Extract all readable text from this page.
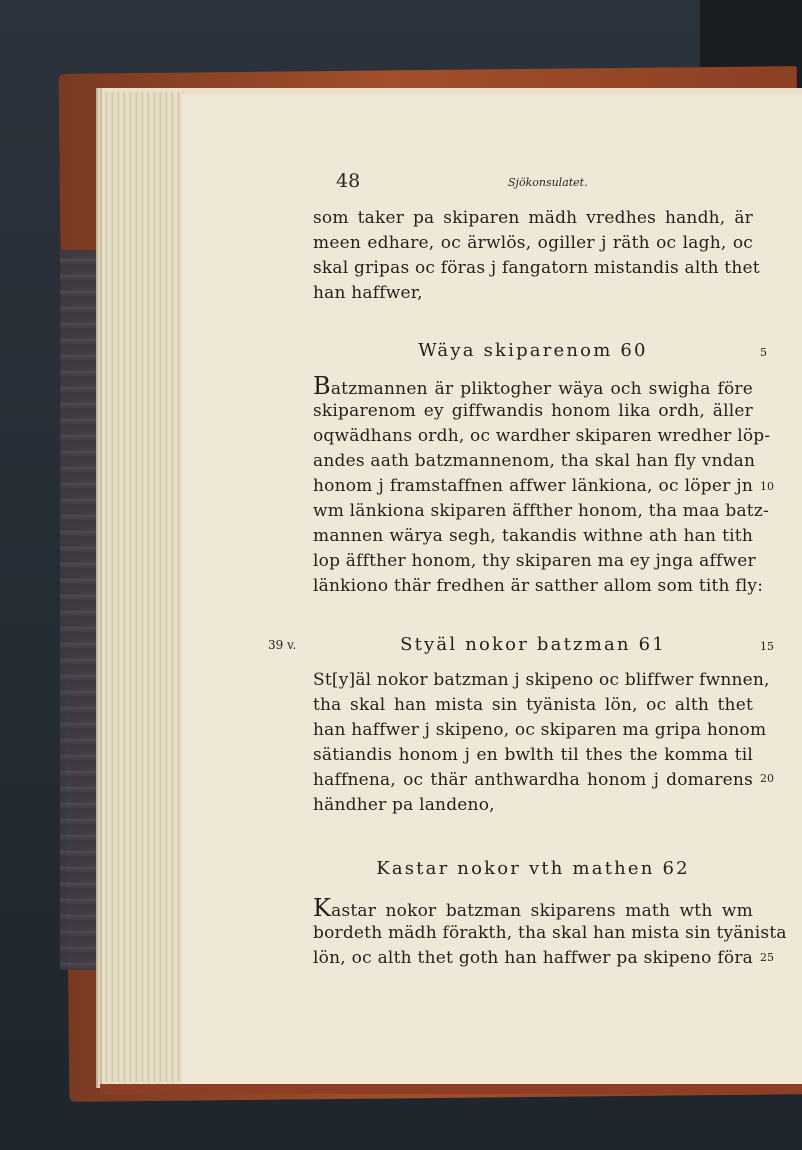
48	Sjökonsulatet.
som taker pa skiparen mädh vredhes handh, är
meen edhare, oc ärwlös, ogiller j räth oc lagh, oc
skal gripas oc föras j fangatorn mistandis alth thet
han haffwer,
Wäya skiparenom 60	5
Batzmannen är pliktogher wäya och swigha före
skiparenom ey giffwandis honom lika ordh, äller
oqwädhans ordh, oc wardher skiparen wredher löp-
andes aath batzmannenom, tha skal han fly vndan
honom j framstaffnen affwer länkiona, oc löper jn
wm länkiona skiparen äffther honom, tha maa batz-
mannen wärya segh, takandis withne ath han tith
lop äffther honom, thy skiparen ma ey jnga affwer
länkiono thär fredhen är satther allom som tith fly:
10
39 v.	Styäl nokor batzman 61	15
St[y]äl nokor batzman j skipeno oc bliffwer fwnnen,
tha skal han mista sin tyänista lön, oc alth thet
han haffwer j skipeno, oc skiparen ma gripa honom
sätiandis honom j en bwlth til thes the komma til
haffnena, oc thär anthwardha honom j domarens
händher pa landeno,
20
Kastar nokor vth mathen 62
Kastar nokor batzman skiparens math wth wm
bordeth mädh förakth, tha skal han mista sin tyänista
lön, oc alth thet goth han haffwer pa skipeno föra 25
